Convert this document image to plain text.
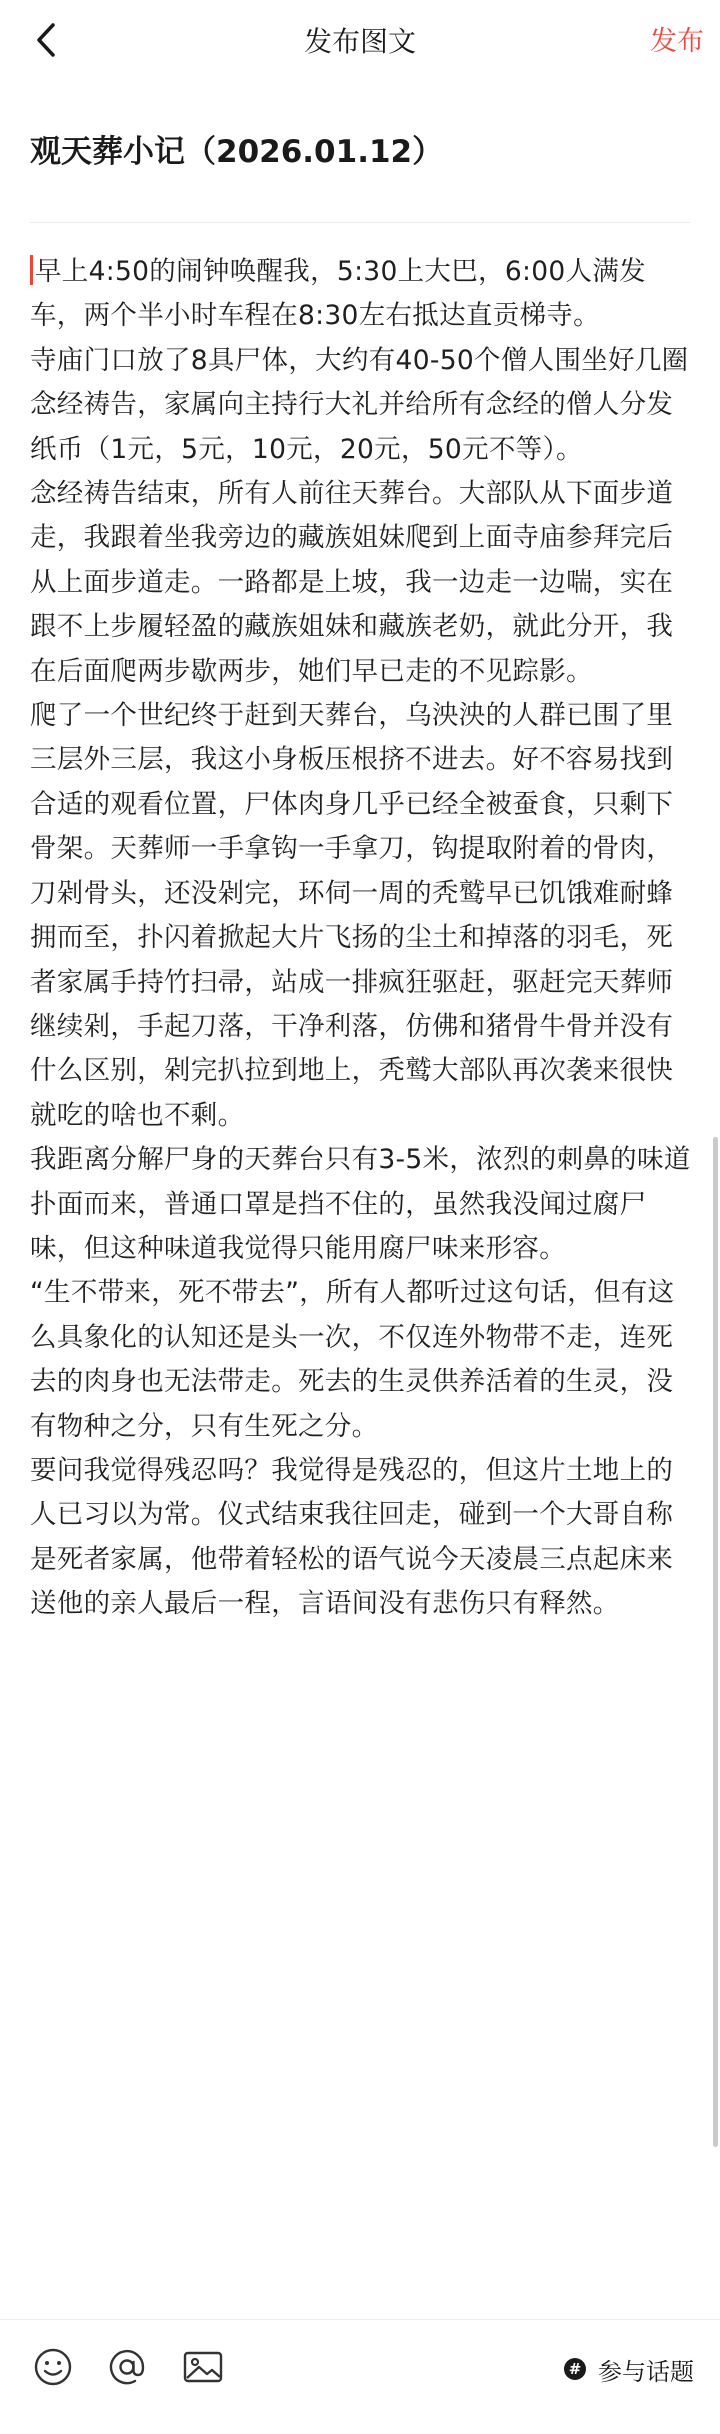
发布图文	发布
观天葬小记（2026.01.12）

早上4:50的闹钟唤醒我，5:30上大巴，6:00人满发车，两个半小时车程在8:30左右抵达直贡梯寺。

寺庙门口放了8具尸体，大约有40-50个僧人围坐好几圈念经祷告，家属向主持行大礼并给所有念经的僧人分发纸币（1元，5元，10元，20元，50元不等）。

念经祷告结束，所有人前往天葬台。大部队从下面步道走，我跟着坐我旁边的藏族姐妹爬到上面寺庙参拜完后从上面步道走。一路都是上坡，我一边走一边喘，实在跟不上步履轻盈的藏族姐妹和藏族老奶，就此分开，我在后面爬两步歇两步，她们早已走的不见踪影。

爬了一个世纪终于赶到天葬台，乌泱泱的人群已围了里三层外三层，我这小身板压根挤不进去。好不容易找到合适的观看位置，尸体肉身几乎已经全被蚕食，只剩下骨架。天葬师一手拿钩一手拿刀，钩提取附着的骨肉，刀剁骨头，还没剁完，环伺一周的秃鹫早已饥饿难耐蜂拥而至，扑闪着掀起大片飞扬的尘土和掉落的羽毛，死者家属手持竹扫帚，站成一排疯狂驱赶，驱赶完天葬师继续剁，手起刀落，干净利落，仿佛和猪骨牛骨并没有什么区别，剁完扒拉到地上，秃鹫大部队再次袭来很快就吃的啥也不剩。

我距离分解尸身的天葬台只有3-5米，浓烈的刺鼻的味道扑面而来，普通口罩是挡不住的，虽然我没闻过腐尸味，但这种味道我觉得只能用腐尸味来形容。

“生不带来，死不带去”，所有人都听过这句话，但有这么具象化的认知还是头一次，不仅连外物带不走，连死去的肉身也无法带走。死去的生灵供养活着的生灵，没有物种之分，只有生死之分。

要问我觉得残忍吗？我觉得是残忍的，但这片土地上的人已习以为常。仪式结束我往回走，碰到一个大哥自称是死者家属，他带着轻松的语气说今天凌晨三点起床来送他的亲人最后一程，言语间没有悲伤只有释然。

# 参与话题
